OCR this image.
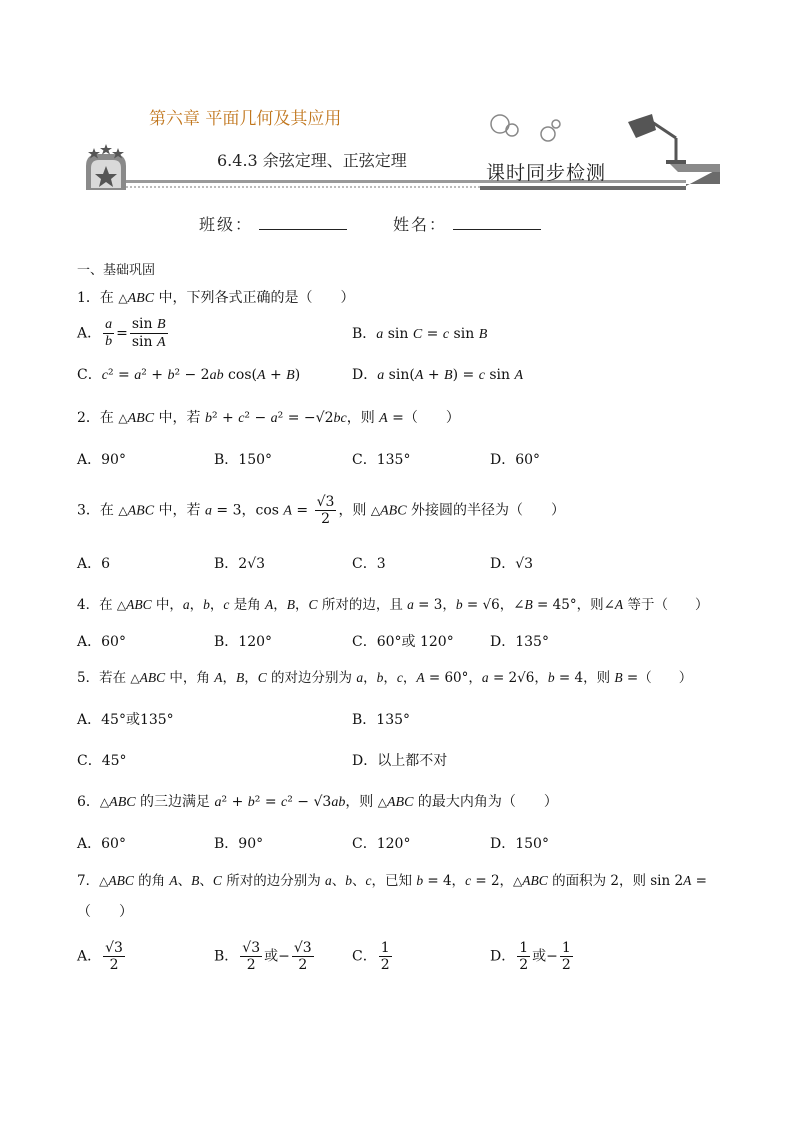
第六章 平面几何及其应用
6.4.3 余弦定理、正弦定理
课时同步检测
班级：	姓名：
一、基础巩固
1．在 △ABC 中，下列各式正确的是（　　）
A． $\frac{a}{b} = \frac{\text{sin B}}{\text{sin A}}$	B．a sin C = c sin B
C．c² = a² + b² − 2ab cos(A + B)	D．a sin(A + B) = c sin A
2．在 △ABC 中，若 b² + c² − a² = −√2bc，则 A =（　　）
A．90°	B．150°	C．135°	D．60°
3．在 △ABC 中，若 a = 3，$\cos A = \frac{√3}{2}$ ，则 △ABC 外接圆的半径为（　　）
A．6	B．2√3	C．3	D．√3
4．在 △ABC 中，a，b，c 是角 A，B，C 所对的边，且 a = 3，b = √6，∠B = 45°，则∠A 等于（　　）
A．60°	B．120°	C．60°或 120°	D．135°
5．若在 △ABC 中，角 A，B，C 的对边分别为 a，b，c，A = 60°，a = 2√6，b = 4，则 B =（　　）
A．45°或135°	B．135°
C．45°	D．以上都不对
6．△ABC 的三边满足 a² + b² = c² − √3ab，则 △ABC 的最大内角为（　　）
A．60°	B．90°	C．120°	D．150°
7．△ABC 的角 A、B、C 所对的边分别为 a、b、c，已知 b = 4，c = 2，△ABC 的面积为 2，则 sin 2A =
（　　）
A． $\frac{√3}{2}$	B． $\frac{√3}{2}$ 或− $\frac{√3}{2}$	C． $\frac{1}{2}$	D． $\frac{1}{2}$ 或− $\frac{1}{2}$
